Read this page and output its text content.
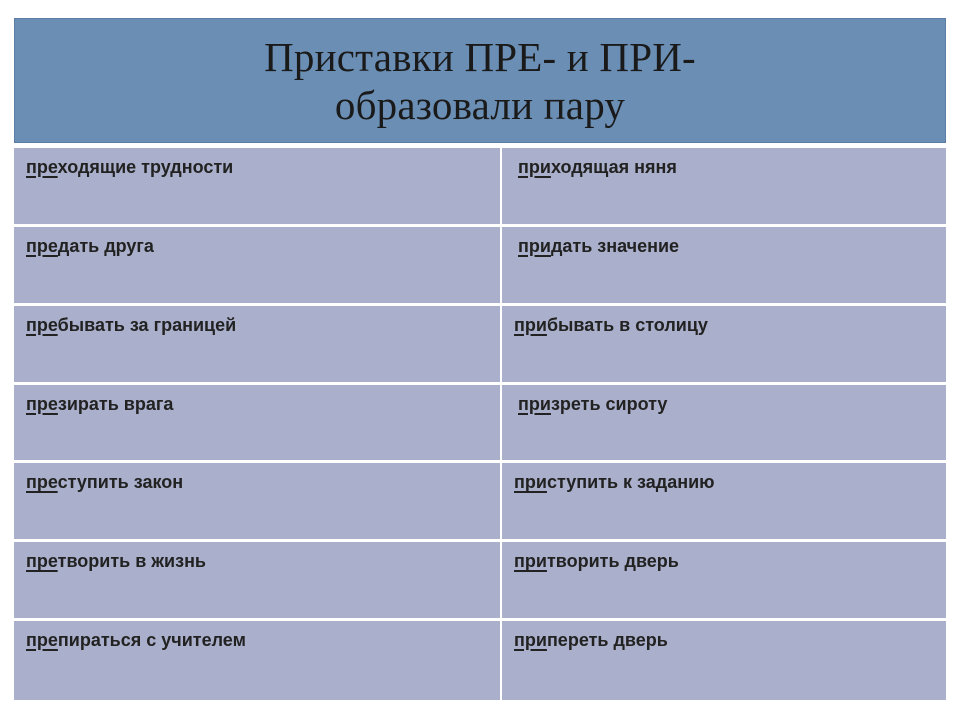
Приставки ПРЕ- и ПРИ-
образовали пару
преходящие трудности	приходящая няня
предать друга	придать значение
пребывать за границей	прибывать в столицу
презирать врага	призреть сироту
преступить закон	приступить к заданию
претворить в жизнь	притворить дверь
препираться с учителем	припереть дверь
